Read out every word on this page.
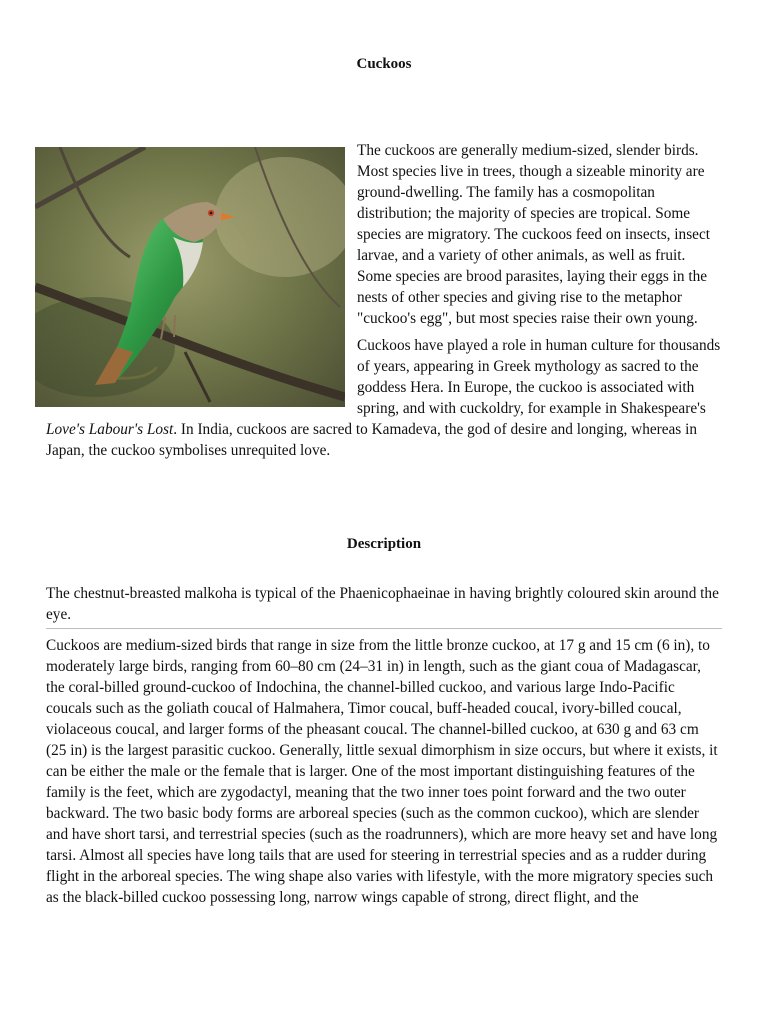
Cuckoos

The cuckoos are generally medium-sized, slender birds. Most species live in trees, though a sizeable minority are ground-dwelling. The family has a cosmopolitan distribution; the majority of species are tropical. Some species are migratory. The cuckoos feed on insects, insect larvae, and a variety of other animals, as well as fruit. Some species are brood parasites, laying their eggs in the nests of other species and giving rise to the metaphor "cuckoo's egg", but most species raise their own young.

Cuckoos have played a role in human culture for thousands of years, appearing in Greek mythology as sacred to the goddess Hera. In Europe, the cuckoo is associated with spring, and with cuckoldry, for example in Shakespeare's Love's Labour's Lost. In India, cuckoos are sacred to Kamadeva, the god of desire and longing, whereas in Japan, the cuckoo symbolises unrequited love.

Description
The chestnut-breasted malkoha is typical of the Phaenicophaeinae in having brightly coloured skin around the eye.
Cuckoos are medium-sized birds that range in size from the little bronze cuckoo, at 17 g and 15 cm (6 in), to moderately large birds, ranging from 60–80 cm (24–31 in) in length, such as the giant coua of Madagascar, the coral-billed ground-cuckoo of Indochina, the channel-billed cuckoo, and various large Indo-Pacific coucals such as the goliath coucal of Halmahera, Timor coucal, buff-headed coucal, ivory-billed coucal, violaceous coucal, and larger forms of the pheasant coucal. The channel-billed cuckoo, at 630 g and 63 cm (25 in) is the largest parasitic cuckoo. Generally, little sexual dimorphism in size occurs, but where it exists, it can be either the male or the female that is larger. One of the most important distinguishing features of the family is the feet, which are zygodactyl, meaning that the two inner toes point forward and the two outer backward. The two basic body forms are arboreal species (such as the common cuckoo), which are slender and have short tarsi, and terrestrial species (such as the roadrunners), which are more heavy set and have long tarsi. Almost all species have long tails that are used for steering in terrestrial species and as a rudder during flight in the arboreal species. The wing shape also varies with lifestyle, with the more migratory species such as the black-billed cuckoo possessing long, narrow wings capable of strong, direct flight, and the
